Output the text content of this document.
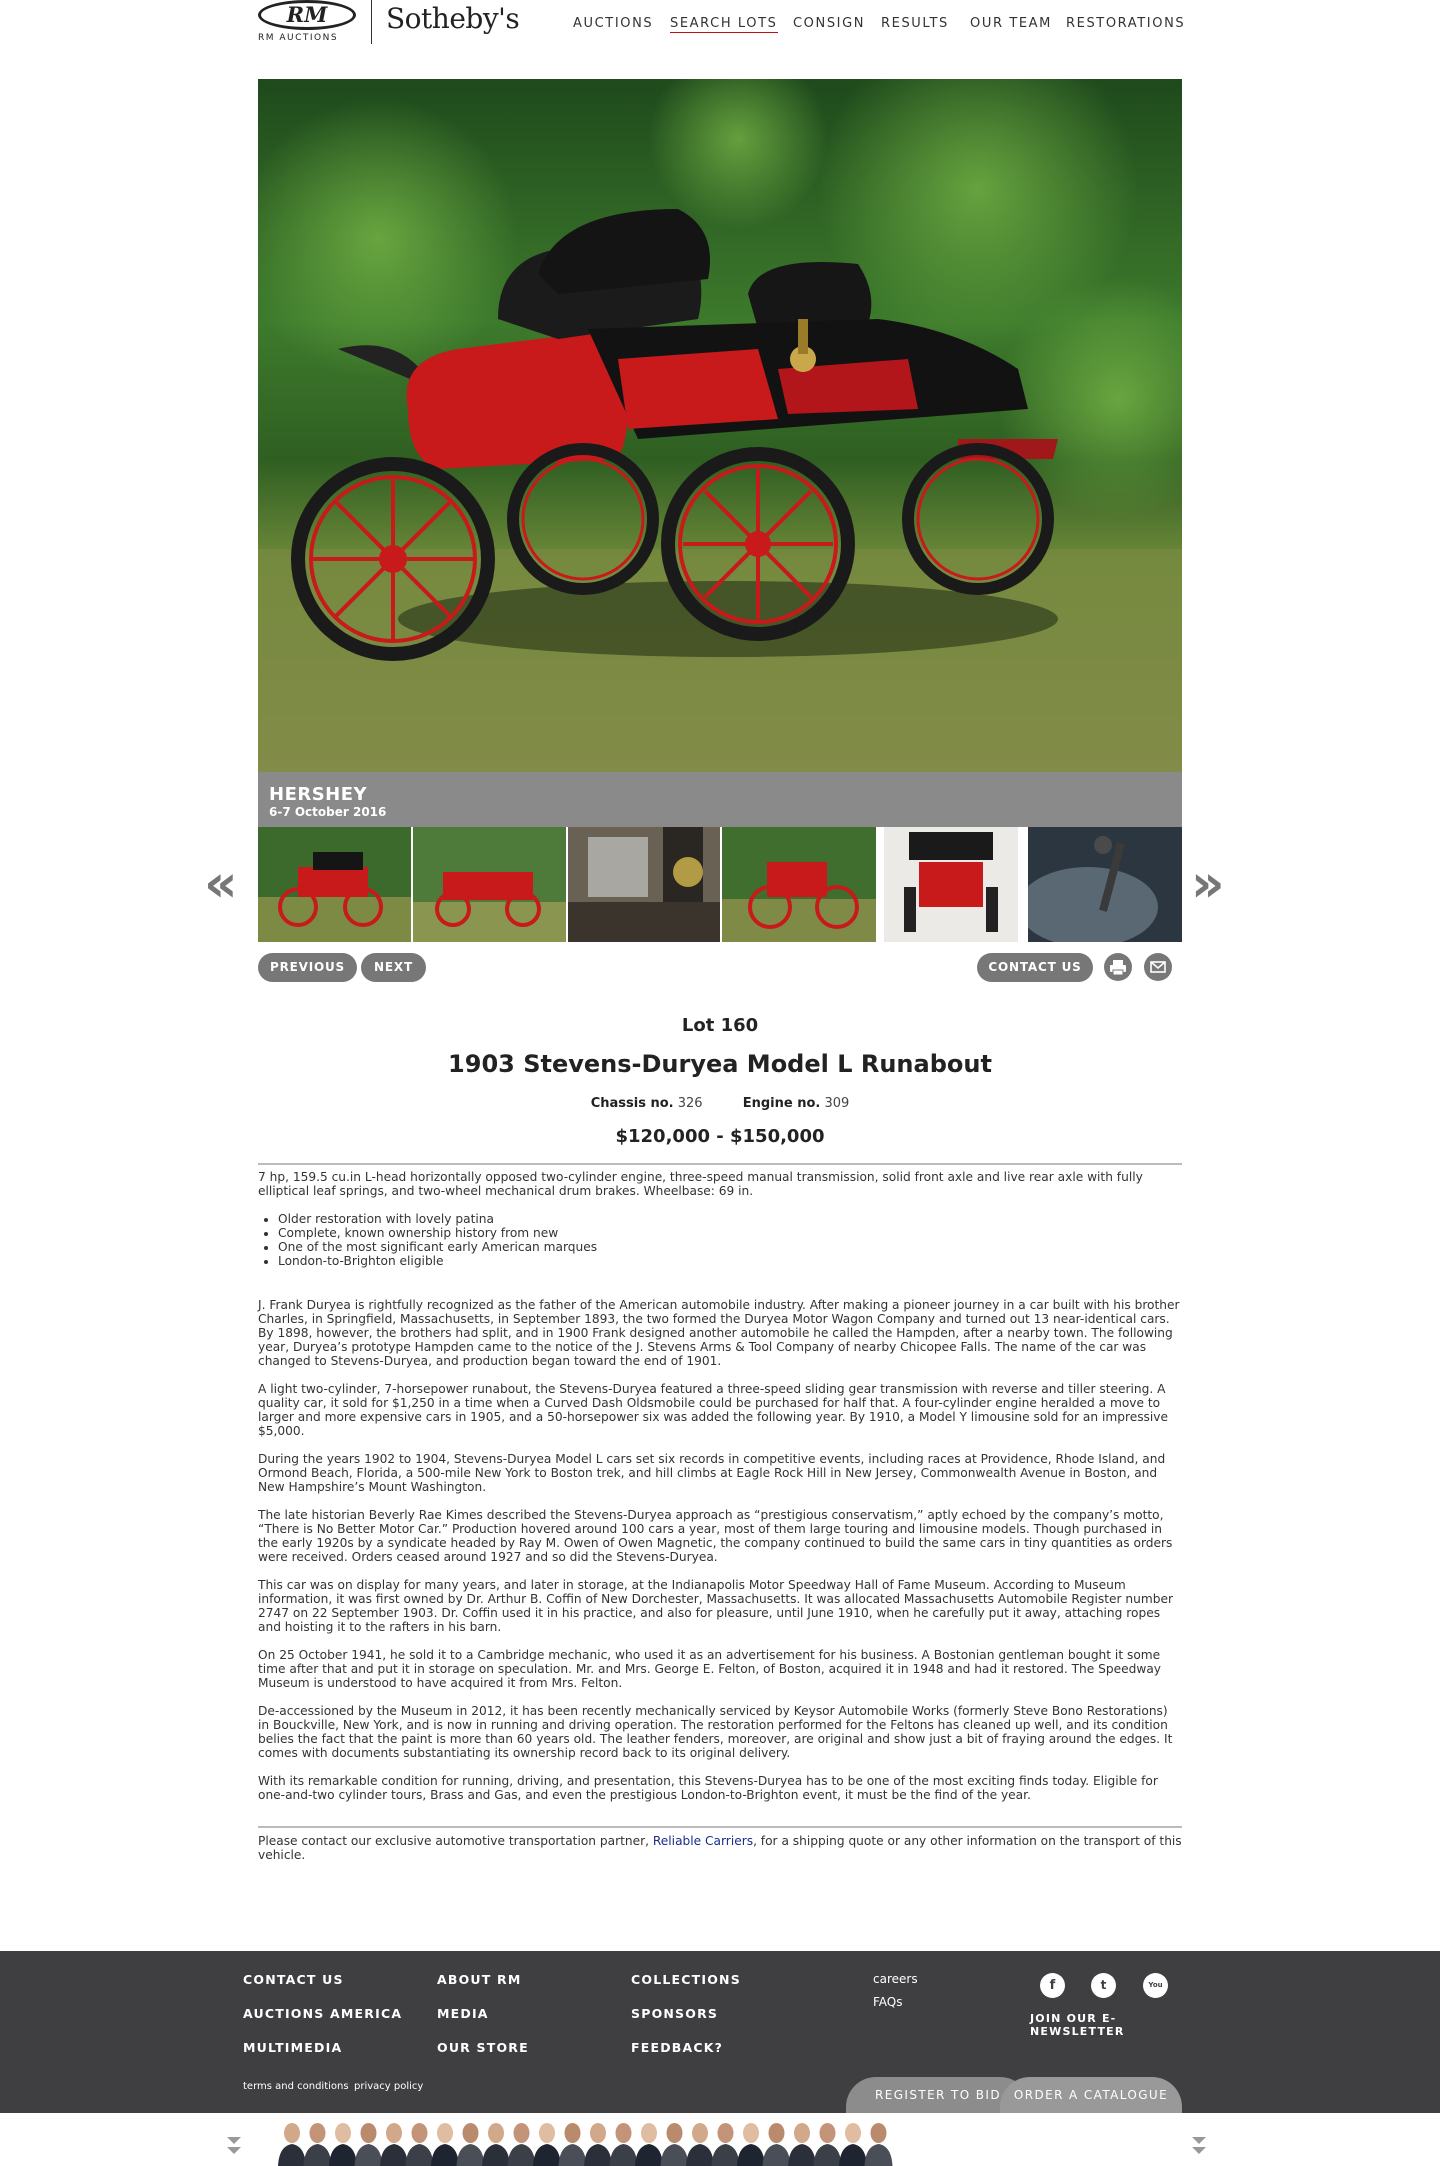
RM
RM AUCTIONS
Sotheby's	AUCTIONS SEARCH LOTS CONSIGN RESULTS OUR TEAM RESTORATIONS
HERSHEY
6-7 October 2016
«	»
PREVIOUS	NEXT	CONTACT US
Lot 160
1903 Stevens-Duryea Model L Runabout
Chassis no. 326	Engine no. 309
$120,000 - $150,000

7 hp, 159.5 cu.in L-head horizontally opposed two-cylinder engine, three-speed manual transmission, solid front axle and live rear axle with fully elliptical leaf springs, and two-wheel mechanical drum brakes. Wheelbase: 69 in.

• Older restoration with lovely patina
• Complete, known ownership history from new
• One of the most significant early American marques
• London-to-Brighton eligible

J. Frank Duryea is rightfully recognized as the father of the American automobile industry. After making a pioneer journey in a car built with his brother Charles, in Springfield, Massachusetts, in September 1893, the two formed the Duryea Motor Wagon Company and turned out 13 near-identical cars. By 1898, however, the brothers had split, and in 1900 Frank designed another automobile he called the Hampden, after a nearby town. The following year, Duryea’s prototype Hampden came to the notice of the J. Stevens Arms & Tool Company of nearby Chicopee Falls. The name of the car was changed to Stevens-Duryea, and production began toward the end of 1901.

A light two-cylinder, 7-horsepower runabout, the Stevens-Duryea featured a three-speed sliding gear transmission with reverse and tiller steering. A quality car, it sold for $1,250 in a time when a Curved Dash Oldsmobile could be purchased for half that. A four-cylinder engine heralded a move to larger and more expensive cars in 1905, and a 50-horsepower six was added the following year. By 1910, a Model Y limousine sold for an impressive $5,000.

During the years 1902 to 1904, Stevens-Duryea Model L cars set six records in competitive events, including races at Providence, Rhode Island, and Ormond Beach, Florida, a 500-mile New York to Boston trek, and hill climbs at Eagle Rock Hill in New Jersey, Commonwealth Avenue in Boston, and New Hampshire’s Mount Washington.

The late historian Beverly Rae Kimes described the Stevens-Duryea approach as “prestigious conservatism,” aptly echoed by the company’s motto, “There is No Better Motor Car.” Production hovered around 100 cars a year, most of them large touring and limousine models. Though purchased in the early 1920s by a syndicate headed by Ray M. Owen of Owen Magnetic, the company continued to build the same cars in tiny quantities as orders were received. Orders ceased around 1927 and so did the Stevens-Duryea.

This car was on display for many years, and later in storage, at the Indianapolis Motor Speedway Hall of Fame Museum. According to Museum information, it was first owned by Dr. Arthur B. Coffin of New Dorchester, Massachusetts. It was allocated Massachusetts Automobile Register number 2747 on 22 September 1903. Dr. Coffin used it in his practice, and also for pleasure, until June 1910, when he carefully put it away, attaching ropes and hoisting it to the rafters in his barn.

On 25 October 1941, he sold it to a Cambridge mechanic, who used it as an advertisement for his business. A Bostonian gentleman bought it some time after that and put it in storage on speculation. Mr. and Mrs. George E. Felton, of Boston, acquired it in 1948 and had it restored. The Speedway Museum is understood to have acquired it from Mrs. Felton.

De-accessioned by the Museum in 2012, it has been recently mechanically serviced by Keysor Automobile Works (formerly Steve Bono Restorations) in Bouckville, New York, and is now in running and driving operation. The restoration performed for the Feltons has cleaned up well, and its condition belies the fact that the paint is more than 60 years old. The leather fenders, moreover, are original and show just a bit of fraying around the edges. It comes with documents substantiating its ownership record back to its original delivery.

With its remarkable condition for running, driving, and presentation, this Stevens-Duryea has to be one of the most exciting finds today. Eligible for one-and-two cylinder tours, Brass and Gas, and even the prestigious London-to-Brighton event, it must be the find of the year.

Please contact our exclusive automotive transportation partner, Reliable Carriers, for a shipping quote or any other information on the transport of this vehicle.
CONTACT US
AUCTIONS AMERICA
MULTIMEDIA
ABOUT RM
MEDIA
OUR STORE
COLLECTIONS
SPONSORS
FEEDBACK?
careers
FAQs
terms and conditions privacy policy
f	t	You
JOIN OUR E-NEWSLETTER
REGISTER TO BID	ORDER A CATALOGUE
